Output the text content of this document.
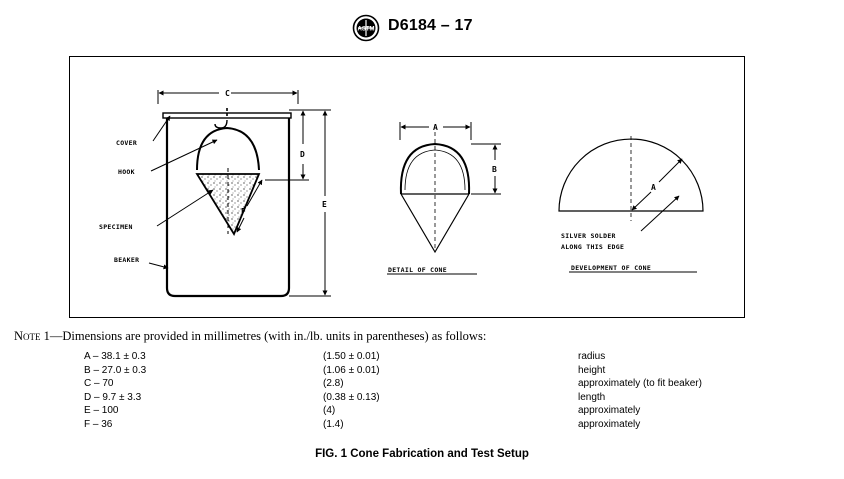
ASTM D6184 – 17
C
D
E
F
COVER
HOOK
SPECIMEN
BEAKER
A
B
DETAIL OF CONE
A
SILVER SOLDER
ALONG THIS EDGE
DEVELOPMENT OF CONE
Note 1—Dimensions are provided in millimetres (with in./lb. units in parentheses) as follows:
A – 38.1 ± 0.3	(1.50 ± 0.01)	radius
B – 27.0 ± 0.3	(1.06 ± 0.01)	height
C – 70	(2.8)	approximately (to fit beaker)
D – 9.7 ± 3.3	(0.38 ± 0.13)	length
E – 100	(4)	approximately
F – 36	(1.4)	approximately
FIG. 1 Cone Fabrication and Test Setup
